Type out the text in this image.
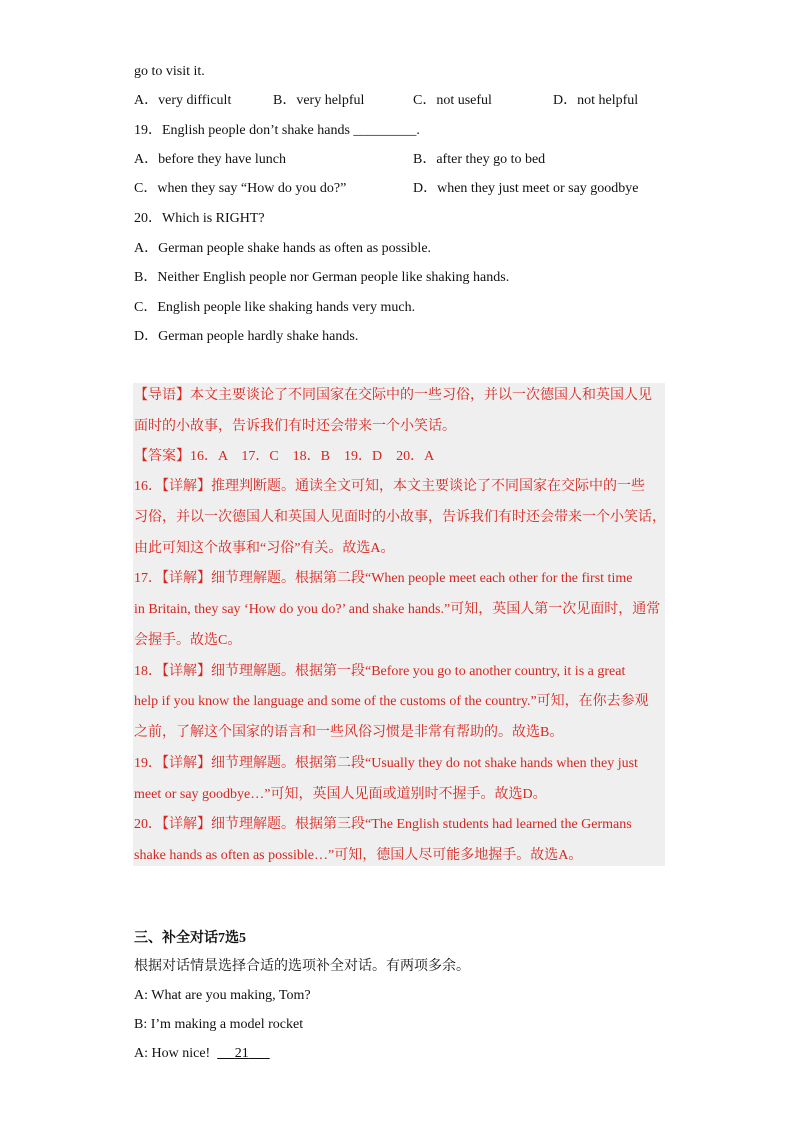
go to visit it.
A．very difficult	B．very helpful	C．not useful	D．not helpful
19．English people don’t shake hands _________.
A．before they have lunch	B．after they go to bed
C．when they say “How do you do?”	D．when they just meet or say goodbye
20．Which is RIGHT?
A．German people shake hands as often as possible.
B．Neither English people nor German people like shaking hands.
C．English people like shaking hands very much.
D．German people hardly shake hands.
【导语】本文主要谈论了不同国家在交际中的一些习俗，并以一次德国人和英国人见
面时的小故事，告诉我们有时还会带来一个小笑话。
【答案】16．A　17．C　18．B　19．D　20．A
16．【详解】推理判断题。通读全文可知，本文主要谈论了不同国家在交际中的一些
习俗，并以一次德国人和英国人见面时的小故事，告诉我们有时还会带来一个小笑话，
由此可知这个故事和“习俗”有关。故选A。
17．【详解】细节理解题。根据第二段“When people meet each other for the first time
in Britain, they say ‘How do you do?’ and shake hands.”可知，英国人第一次见面时，通常
会握手。故选C。
18．【详解】细节理解题。根据第一段“Before you go to another country, it is a great
help if you know the language and some of the customs of the country.”可知，在你去参观
之前，了解这个国家的语言和一些风俗习惯是非常有帮助的。故选B。
19．【详解】细节理解题。根据第二段“Usually they do not shake hands when they just
meet or say goodbye…”可知，英国人见面或道别时不握手。故选D。
20．【详解】细节理解题。根据第三段“The English students had learned the Germans
shake hands as often as possible…”可知，德国人尽可能多地握手。故选A。
三、补全对话7选5
根据对话情景选择合适的选项补全对话。有两项多余。
A: What are you making, Tom?
B: I’m making a model rocket
A: How nice! 21
